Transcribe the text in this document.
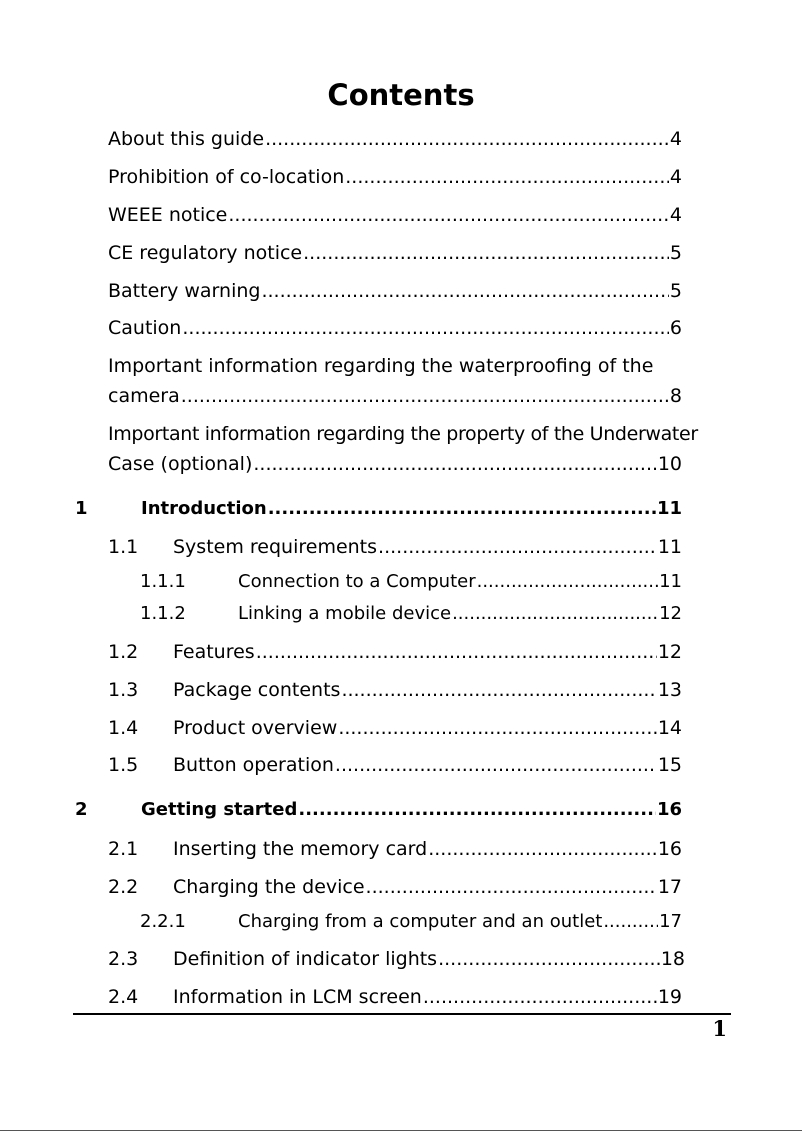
Contents
About this guide .....	4
Prohibition of co-location .....	4
WEEE notice .....	4
CE regulatory notice .....	5
Battery warning .....	5
Caution .....	6
Important information regarding the waterproofing of the
camera .....	8
Important information regarding the property of the Underwater
Case (optional) .....	10
1	Introduction .....	11
1.1 System requirements .....	11
1.1.1	Connection to a Computer .....	11
1.1.2	Linking a mobile device .....	12
1.2 Features .....	12
1.3 Package contents .....	13
1.4 Product overview .....	14
1.5 Button operation .....	15
2	Getting started .....	16
2.1 Inserting the memory card .....	16
2.2 Charging the device .....	17
2.2.1	Charging from a computer and an outlet .....	17
2.3 Definition of indicator lights .....	18
2.4 Information in LCM screen .....	19
1
